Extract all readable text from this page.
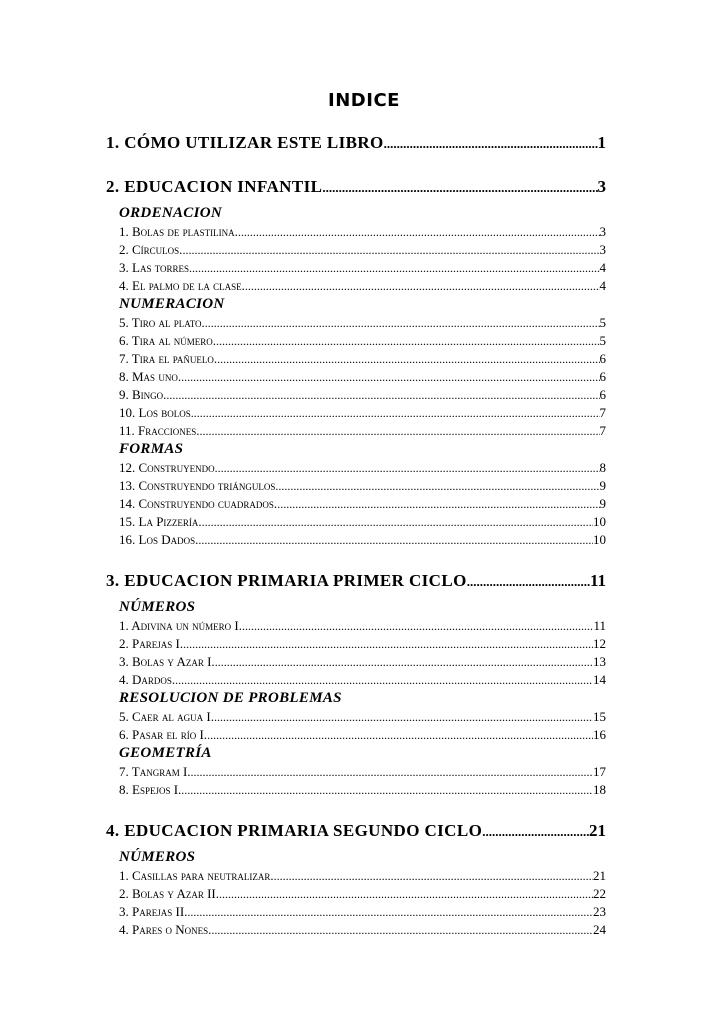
INDICE
1. CÓMO UTILIZAR ESTE LIBRO .....	1
2. EDUCACION INFANTIL .....	3
ORDENACION
1. Bolas de plastilina. .....	3
2. Círculos. .....	3
3. Las torres .....	4
4. El palmo de la clase. .....	4
NUMERACION
5. Tiro al plato. .....	5
6. Tira al número. .....	5
7. Tira el pañuelo. .....	6
8. Mas uno. .....	6
9. Bingo. .....	6
10. Los bolos .....	7
11. Fracciones. .....	7
FORMAS
12. Construyendo .....	8
13. Construyendo triángulos .....	9
14. Construyendo cuadrados. .....	9
15. La Pizzería. .....	10
16. Los Dados. .....	10
3. EDUCACION PRIMARIA PRIMER CICLO .....	11
NÚMEROS
1. Adivina un número I. .....	11
2. Parejas I. .....	12
3. Bolas y Azar I. .....	13
4. Dardos. .....	14
RESOLUCION DE PROBLEMAS
5. Caer al agua I. .....	15
6. Pasar el río I. .....	16
GEOMETRÍA
7. Tangram I. .....	17
8. Espejos I. .....	18
4. EDUCACION PRIMARIA SEGUNDO CICLO .....	21
NÚMEROS
1. Casillas para neutralizar. .....	21
2. Bolas y Azar II. .....	22
3. Parejas II. .....	23
4. Pares o Nones. .....	24
